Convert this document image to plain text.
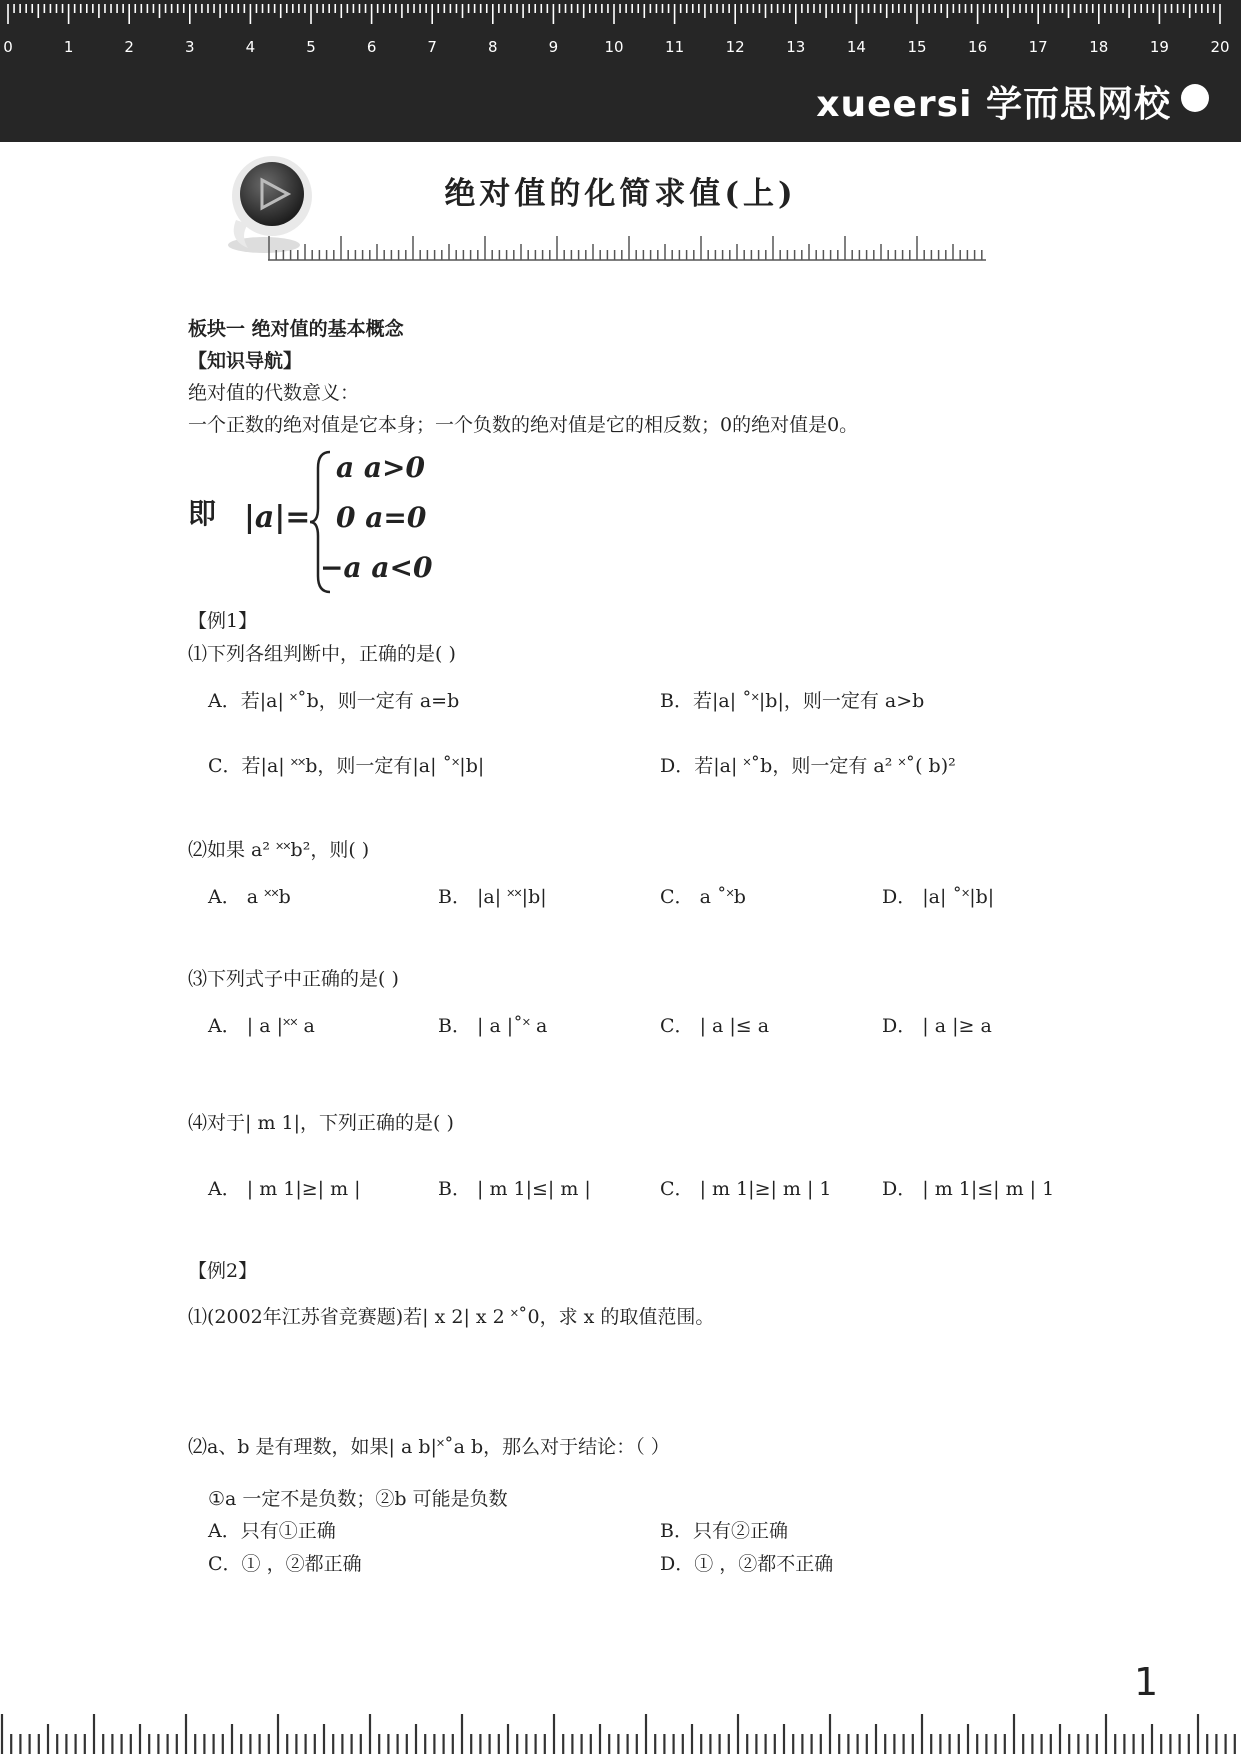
0	1	2	3	4	5	6	7	8	9	10	11	12	13	14	15	16	17	18	19	20
xueersi 学而思网校
绝对值的化简求值(上)
板块一 绝对值的基本概念
【知识导航】
绝对值的代数意义：
一个正数的绝对值是它本身；一个负数的绝对值是它的相反数；0的绝对值是0。
即 |a|=
a a>0
0 a=0
−a a<0
【例1】
⑴下列各组判断中，正确的是( )
A．若|a| ˟˚b，则一定有 a=b	B．若|a| ˚˟|b|，则一定有 a>b
C．若|a| ˟˟b，则一定有|a| ˚˟|b|	D．若|a| ˟˚b，则一定有 a² ˟˚( b)²
⑵如果 a² ˟˟b²，则( )
A． a ˟˟b	B． |a| ˟˟|b|	C． a ˚˟b	D． |a| ˚˟|b|
⑶下列式子中正确的是( )
A． | a |˟˟ a	B． | a |˚˟ a	C． | a |≤ a	D． | a |≥ a
⑷对于| m 1|，下列正确的是( )
A． | m 1|≥| m |	B． | m 1|≤| m |	C． | m 1|≥| m | 1	D． | m 1|≤| m | 1
【例2】
⑴(2002年江苏省竞赛题)若| x 2| x 2 ˟˚0，求 x 的取值范围。
⑵a、b 是有理数，如果| a b|˟˚a b，那么对于结论：（ ）
①a 一定不是负数；②b 可能是负数
A．只有①正确	B．只有②正确
C．① ，②都正确	D．① ，②都不正确
1
